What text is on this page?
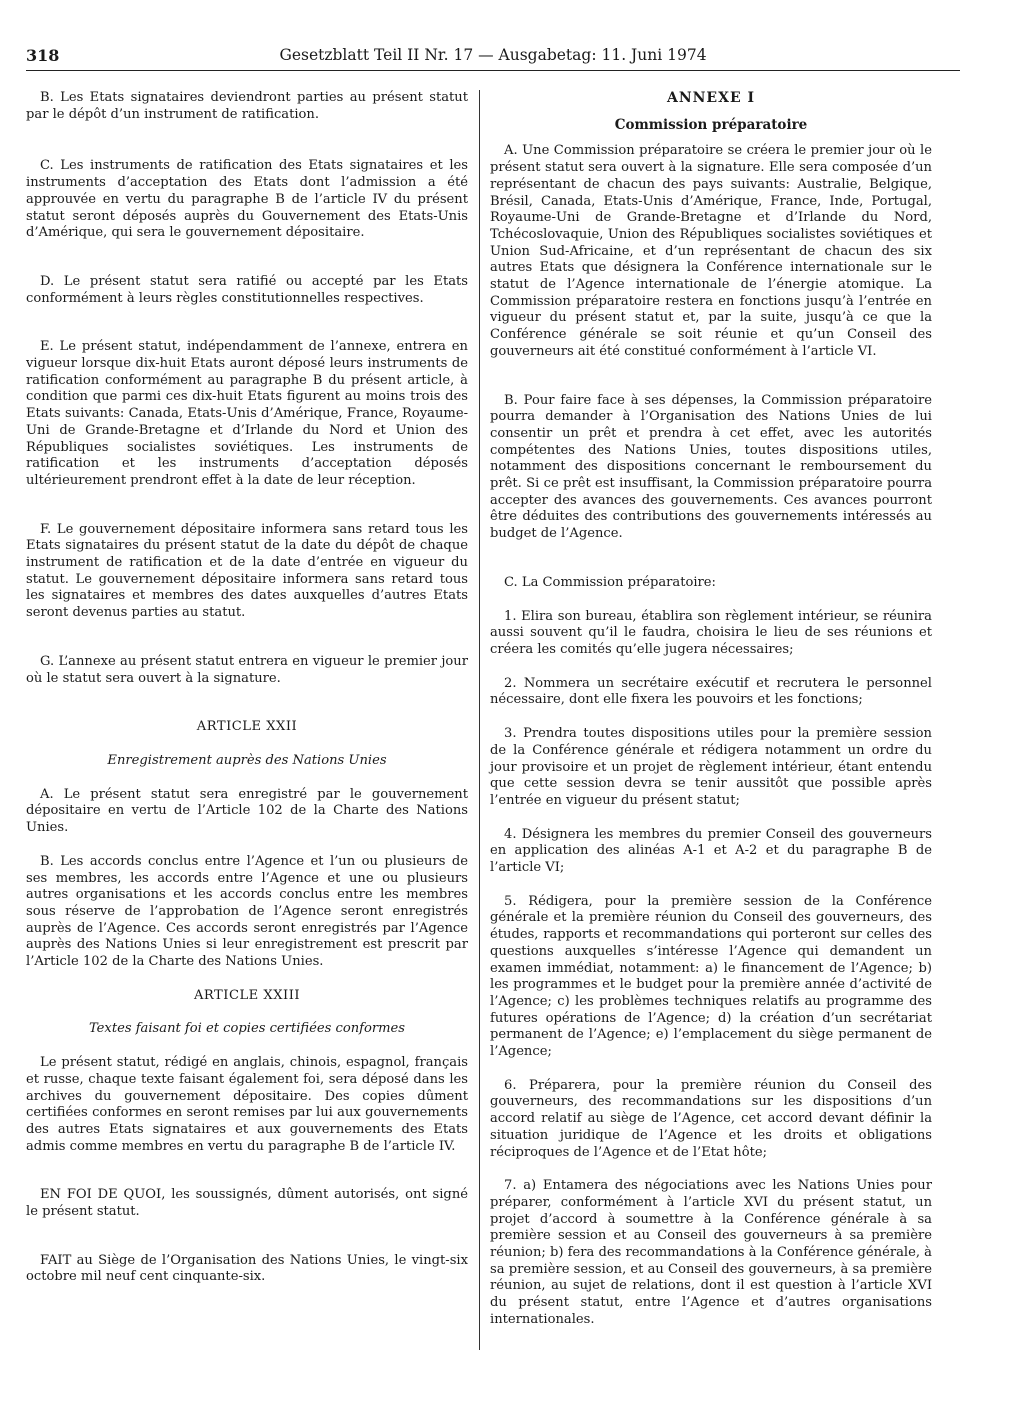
318	Gesetzblatt Teil II Nr. 17 — Ausgabetag: 11. Juni 1974

B. Les Etats signataires deviendront parties au présent statut par le dépôt d’un instrument de ratification.

C. Les instruments de ratification des Etats signataires et les instruments d’acceptation des Etats dont l’admission a été approuvée en vertu du paragraphe B de l’article IV du présent statut seront déposés auprès du Gouvernement des Etats-Unis d’Amérique, qui sera le gouvernement dépositaire.

D. Le présent statut sera ratifié ou accepté par les Etats conformément à leurs règles constitutionnelles respectives.

E. Le présent statut, indépendamment de l’annexe, entrera en vigueur lorsque dix-huit Etats auront déposé leurs instruments de ratification conformément au paragraphe B du présent article, à condition que parmi ces dix-huit Etats figurent au moins trois des Etats suivants: Canada, Etats-Unis d’Amérique, France, Royaume-Uni de Grande-Bretagne et d’Irlande du Nord et Union des Républiques socialistes soviétiques. Les instruments de ratification et les instruments d’acceptation déposés ultérieurement prendront effet à la date de leur réception.

F. Le gouvernement dépositaire informera sans retard tous les Etats signataires du présent statut de la date du dépôt de chaque instrument de ratification et de la date d’entrée en vigueur du statut. Le gouvernement dépositaire informera sans retard tous les signataires et membres des dates auxquelles d’autres Etats seront devenus parties au statut.

G. L’annexe au présent statut entrera en vigueur le premier jour où le statut sera ouvert à la signature.

ARTICLE XXII

Enregistrement auprès des Nations Unies

A. Le présent statut sera enregistré par le gouvernement dépositaire en vertu de l’Article 102 de la Charte des Nations Unies.

B. Les accords conclus entre l’Agence et l’un ou plusieurs de ses membres, les accords entre l’Agence et une ou plusieurs autres organisations et les accords conclus entre les membres sous réserve de l’approbation de l’Agence seront enregistrés auprès de l’Agence. Ces accords seront enregistrés par l’Agence auprès des Nations Unies si leur enregistrement est prescrit par l’Article 102 de la Charte des Nations Unies.

ARTICLE XXIII

Textes faisant foi et copies certifiées conformes

Le présent statut, rédigé en anglais, chinois, espagnol, français et russe, chaque texte faisant également foi, sera déposé dans les archives du gouvernement dépositaire. Des copies dûment certifiées conformes en seront remises par lui aux gouvernements des autres Etats signataires et aux gouvernements des Etats admis comme membres en vertu du paragraphe B de l’article IV.

EN FOI DE QUOI, les soussignés, dûment autorisés, ont signé le présent statut.

FAIT au Siège de l’Organisation des Nations Unies, le vingt-six octobre mil neuf cent cinquante-six.

ANNEXE I

Commission préparatoire

A. Une Commission préparatoire se créera le premier jour où le présent statut sera ouvert à la signature. Elle sera composée d’un représentant de chacun des pays suivants: Australie, Belgique, Brésil, Canada, Etats-Unis d’Amérique, France, Inde, Portugal, Royaume-Uni de Grande-Bretagne et d’Irlande du Nord, Tchécoslovaquie, Union des Républiques socialistes soviétiques et Union Sud-Africaine, et d’un représentant de chacun des six autres Etats que désignera la Conférence internationale sur le statut de l’Agence internationale de l’énergie atomique. La Commission préparatoire restera en fonctions jusqu’à l’entrée en vigueur du présent statut et, par la suite, jusqu’à ce que la Conférence générale se soit réunie et qu’un Conseil des gouverneurs ait été constitué conformément à l’article VI.

B. Pour faire face à ses dépenses, la Commission préparatoire pourra demander à l’Organisation des Nations Unies de lui consentir un prêt et prendra à cet effet, avec les autorités compétentes des Nations Unies, toutes dispositions utiles, notamment des dispositions concernant le remboursement du prêt. Si ce prêt est insuffisant, la Commission préparatoire pourra accepter des avances des gouvernements. Ces avances pourront être déduites des contributions des gouvernements intéressés au budget de l’Agence.

C. La Commission préparatoire:

1. Elira son bureau, établira son règlement intérieur, se réunira aussi souvent qu’il le faudra, choisira le lieu de ses réunions et créera les comités qu’elle jugera nécessaires;

2. Nommera un secrétaire exécutif et recrutera le personnel nécessaire, dont elle fixera les pouvoirs et les fonctions;

3. Prendra toutes dispositions utiles pour la première session de la Conférence générale et rédigera notamment un ordre du jour provisoire et un projet de règlement intérieur, étant entendu que cette session devra se tenir aussitôt que possible après l’entrée en vigueur du présent statut;

4. Désignera les membres du premier Conseil des gouverneurs en application des alinéas A-1 et A-2 et du paragraphe B de l’article VI;

5. Rédigera, pour la première session de la Conférence générale et la première réunion du Conseil des gouverneurs, des études, rapports et recommandations qui porteront sur celles des questions auxquelles s’intéresse l’Agence qui demandent un examen immédiat, notamment: a) le financement de l’Agence; b) les programmes et le budget pour la première année d’activité de l’Agence; c) les problèmes techniques relatifs au programme des futures opérations de l’Agence; d) la création d’un secrétariat permanent de l’Agence; e) l’emplacement du siège permanent de l’Agence;

6. Préparera, pour la première réunion du Conseil des gouverneurs, des recommandations sur les dispositions d’un accord relatif au siège de l’Agence, cet accord devant définir la situation juridique de l’Agence et les droits et obligations réciproques de l’Agence et de l’Etat hôte;

7. a) Entamera des négociations avec les Nations Unies pour préparer, conformément à l’article XVI du présent statut, un projet d’accord à soumettre à la Conférence générale à sa première session et au Conseil des gouverneurs à sa première réunion; b) fera des recommandations à la Conférence générale, à sa première session, et au Conseil des gouverneurs, à sa première réunion, au sujet de relations, dont il est question à l’article XVI du présent statut, entre l’Agence et d’autres organisations internationales.
